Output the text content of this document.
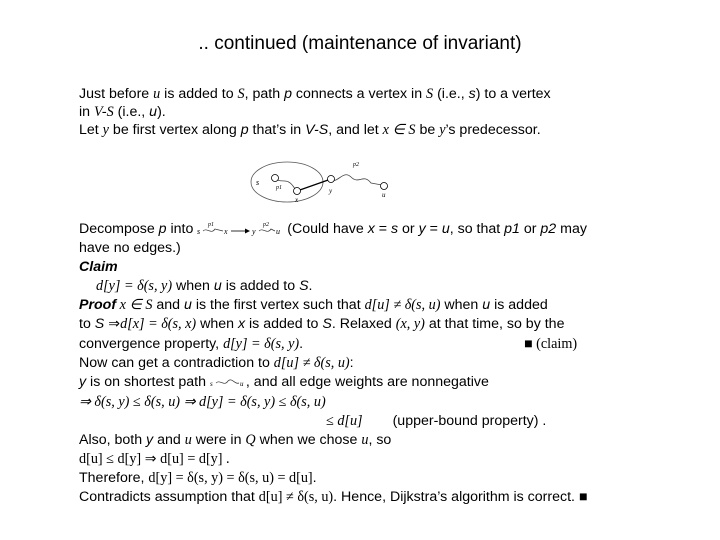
.. continued (maintenance of invariant)
Just before u is added to S, path p connects a vertex in S (i.e., s) to a vertex
in V-S (i.e., u).
Let y be first vertex along p that’s in V-S, and let x ∈ S be y’s predecessor.
s
x
y	u
p1
p2
Decompose p into s
p1
x	y
p2
u (Could have x = s or y = u, so that p1 or p2 may
have no edges.)
Claim
d[y] = δ(s, y) when u is added to S.
Proof x ∈ S and u is the first vertex such that d[u] ≠ δ(s, u) when u is added
to S ⇒d[x] = δ(s, x) when x is added to S. Relaxed (x, y) at that time, so by the
convergence property, d[y] = δ(s, y).	■ (claim)
Now can get a contradiction to d[u] ≠ δ(s, u):
y is on shortest path s	u , and all edge weights are nonnegative
⇒ δ(s, y) ≤ δ(s, u) ⇒ d[y] = δ(s, y) ≤ δ(s, u)
≤ d[u] (upper-bound property) .
Also, both y and u were in Q when we chose u, so
d[u] ≤ d[y] ⇒ d[u] = d[y] .
Therefore, d[y] = δ(s, y) = δ(s, u) = d[u].
Contradicts assumption that d[u] ≠ δ(s, u). Hence, Dijkstra’s algorithm is correct. ■
